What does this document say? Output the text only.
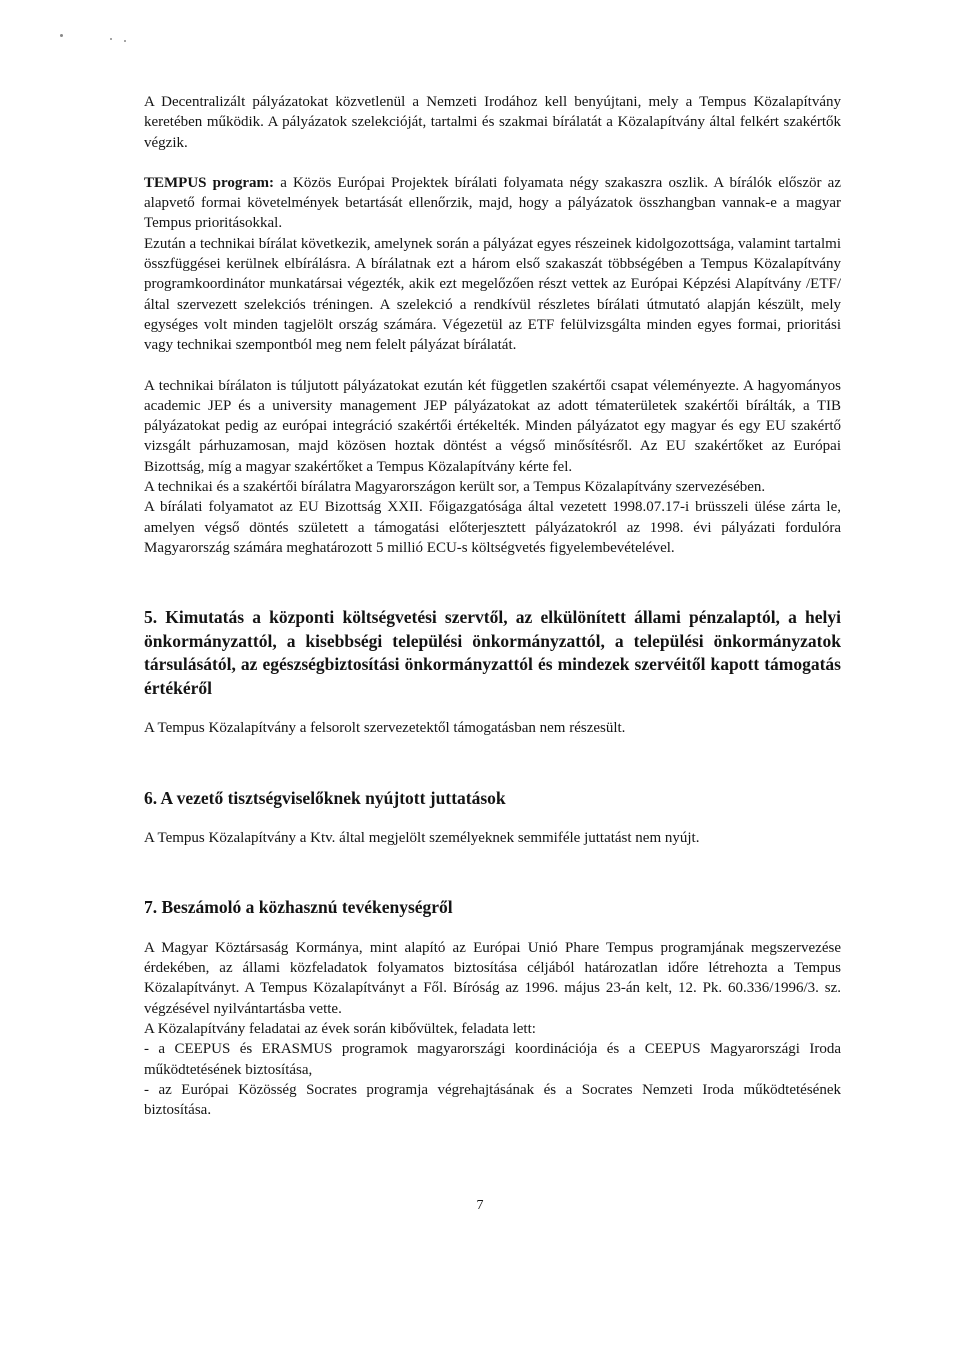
A Decentralizált pályázatokat közvetlenül a Nemzeti Irodához kell benyújtani, mely a Tempus Közalapítvány keretében működik. A pályázatok szelekcióját, tartalmi és szakmai bírálatát a Közalapítvány által felkért szakértők végzik.

TEMPUS program: a Közös Európai Projektek bírálati folyamata négy szakaszra oszlik. A bírálók először az alapvető formai követelmények betartását ellenőrzik, majd, hogy a pályázatok összhangban vannak-e a magyar Tempus prioritásokkal.

Ezután a technikai bírálat következik, amelynek során a pályázat egyes részeinek kidolgozottsága, valamint tartalmi összfüggései kerülnek elbírálásra. A bírálatnak ezt a három első szakaszát többségében a Tempus Közalapítvány programkoordinátor munkatársai végezték, akik ezt megelőzően részt vettek az Európai Képzési Alapítvány /ETF/ által szervezett szelekciós tréningen. A szelekció a rendkívül részletes bírálati útmutató alapján készült, mely egységes volt minden tagjelölt ország számára. Végezetül az ETF felülvizsgálta minden egyes formai, prioritási vagy technikai szempontból meg nem felelt pályázat bírálatát.

A technikai bírálaton is túljutott pályázatokat ezután két független szakértői csapat véleményezte. A hagyományos academic JEP és a university management JEP pályázatokat az adott tématerületek szakértői bírálták, a TIB pályázatokat pedig az európai integráció szakértői értékelték. Minden pályázatot egy magyar és egy EU szakértő vizsgált párhuzamosan, majd közösen hoztak döntést a végső minősítésről. Az EU szakértőket az Európai Bizottság, míg a magyar szakértőket a Tempus Közalapítvány kérte fel.

A technikai és a szakértői bírálatra Magyarországon került sor, a Tempus Közalapítvány szervezésében.

A bírálati folyamatot az EU Bizottság XXII. Főigazgatósága által vezetett 1998.07.17-i brüsszeli ülése zárta le, amelyen végső döntés született a támogatási előterjesztett pályázatokról az 1998. évi pályázati fordulóra Magyarország számára meghatározott 5 millió ECU-s költségvetés figyelembevételével.

5. Kimutatás a központi költségvetési szervtől, az elkülönített állami pénzalaptól, a helyi önkormányzattól, a kisebbségi települési önkormányzattól, a települési önkormányzatok társulásától, az egészségbiztosítási önkormányzattól és mindezek szervéitől kapott támogatás értékéről

A Tempus Közalapítvány a felsorolt szervezetektől támogatásban nem részesült.

6. A vezető tisztségviselőknek nyújtott juttatások

A Tempus Közalapítvány a Ktv. által megjelölt személyeknek semmiféle juttatást nem nyújt.

7. Beszámoló a közhasznú tevékenységről

A Magyar Köztársaság Kormánya, mint alapító az Európai Unió Phare Tempus programjának megszervezése érdekében, az állami közfeladatok folyamatos biztosítása céljából határozatlan időre létrehozta a Tempus Közalapítványt. A Tempus Közalapítványt a Fől. Bíróság az 1996. május 23-án kelt, 12. Pk. 60.336/1996/3. sz. végzésével nyilvántartásba vette.

A Közalapítvány feladatai az évek során kibővültek, feladata lett:

- a CEEPUS és ERASMUS programok magyarországi koordinációja és a CEEPUS Magyarországi Iroda működtetésének biztosítása,

- az Európai Közösség Socrates programja végrehajtásának és a Socrates Nemzeti Iroda működtetésének biztosítása.

7
